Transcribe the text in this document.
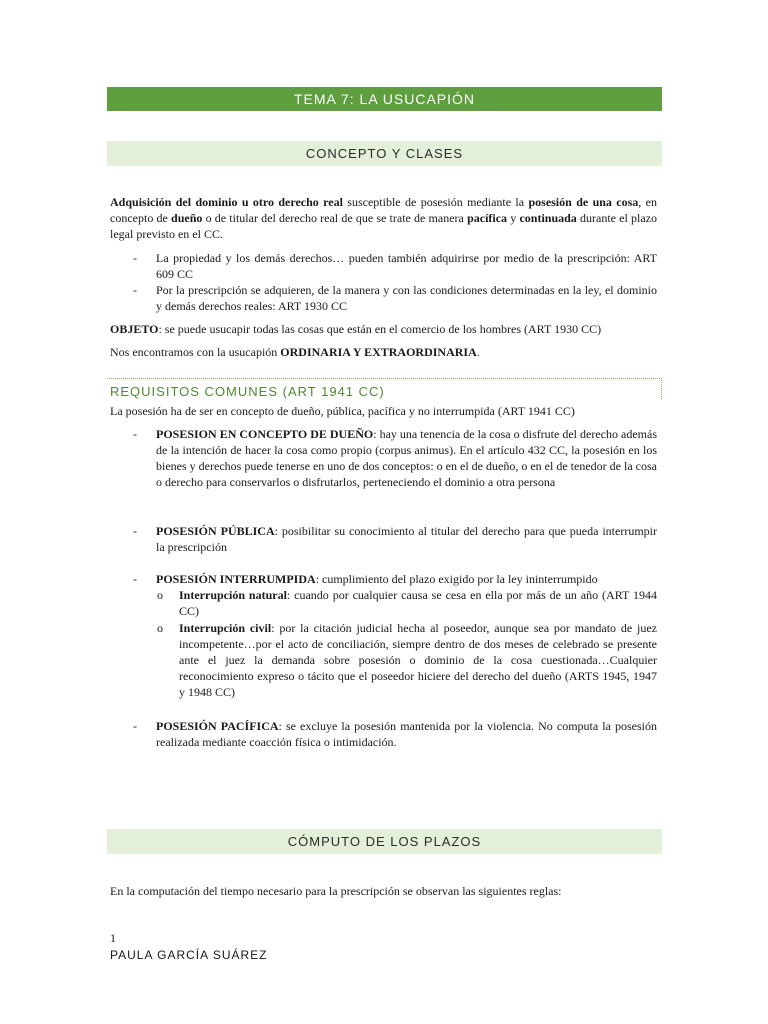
TEMA 7: LA USUCAPIÓN
CONCEPTO Y CLASES

Adquisición del dominio u otro derecho real susceptible de posesión mediante la posesión de una cosa, en concepto de dueño o de titular del derecho real de que se trate de manera pacífica y continuada durante el plazo legal previsto en el CC.

- La propiedad y los demás derechos… pueden también adquirirse por medio de la prescripción: ART 609 CC

- Por la prescripción se adquieren, de la manera y con las condiciones determinadas en la ley, el dominio y demás derechos reales: ART 1930 CC

OBJETO: se puede usucapir todas las cosas que están en el comercio de los hombres (ART 1930 CC)

Nos encontramos con la usucapión ORDINARIA Y EXTRAORDINARIA.

REQUISITOS COMUNES (ART 1941 CC)

La posesión ha de ser en concepto de dueño, pública, pacífica y no interrumpida (ART 1941 CC)

- POSESION EN CONCEPTO DE DUEÑO: hay una tenencia de la cosa o disfrute del derecho además de la intención de hacer la cosa como propio (corpus animus). En el artículo 432 CC, la posesión en los bienes y derechos puede tenerse en uno de dos conceptos: o en el de dueño, o en el de tenedor de la cosa o derecho para conservarlos o disfrutarlos, perteneciendo el dominio a otra persona

- POSESIÓN PÚBLICA: posibilitar su conocimiento al titular del derecho para que pueda interrumpir la prescripción

- POSESIÓN INTERRUMPIDA: cumplimiento del plazo exigido por la ley ininterrumpido

o Interrupción natural: cuando por cualquier causa se cesa en ella por más de un año (ART 1944 CC)

o Interrupción civil: por la citación judicial hecha al poseedor, aunque sea por mandato de juez incompetente…por el acto de conciliación, siempre dentro de dos meses de celebrado se presente ante el juez la demanda sobre posesión o dominio de la cosa cuestionada…Cualquier reconocimiento expreso o tácito que el poseedor hiciere del derecho del dueño (ARTS 1945, 1947 y 1948 CC)

- POSESIÓN PACÍFICA: se excluye la posesión mantenida por la violencia. No computa la posesión realizada mediante coacción física o intimidación.

CÓMPUTO DE LOS PLAZOS

En la computación del tiempo necesario para la prescripción se observan las siguientes reglas:

1
PAULA GARCÍA SUÁREZ
